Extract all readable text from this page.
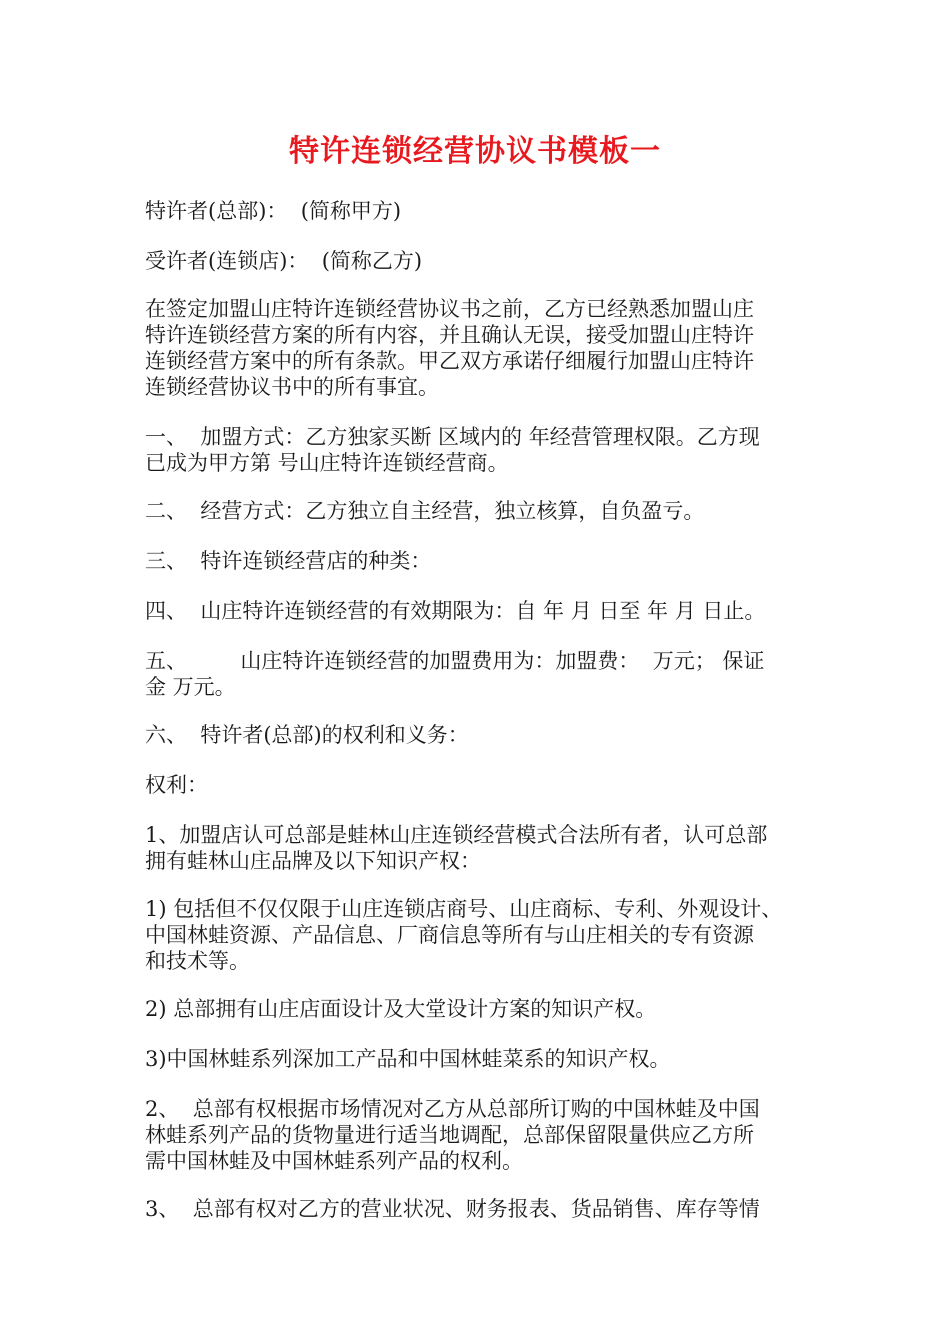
特许连锁经营协议书模板一

特许者(总部)：  (简称甲方)

受许者(连锁店)：  (简称乙方)

在签定加盟山庄特许连锁经营协议书之前，乙方已经熟悉加盟山庄
特许连锁经营方案的所有内容，并且确认无误，接受加盟山庄特许
连锁经营方案中的所有条款。甲乙双方承诺仔细履行加盟山庄特许
连锁经营协议书中的所有事宜。

一、  加盟方式：乙方独家买断 区域内的 年经营管理权限。乙方现
已成为甲方第 号山庄特许连锁经营商。

二、  经营方式：乙方独立自主经营，独立核算，自负盈亏。

三、  特许连锁经营店的种类：

四、  山庄特许连锁经营的有效期限为：自 年 月 日至 年 月 日止。

五、        山庄特许连锁经营的加盟费用为：加盟费：  万元； 保证
金 万元。

六、  特许者(总部)的权利和义务：

权利：

1、加盟店认可总部是蛙林山庄连锁经营模式合法所有者，认可总部
拥有蛙林山庄品牌及以下知识产权：

1) 包括但不仅仅限于山庄连锁店商号、山庄商标、专利、外观设计、
中国林蛙资源、产品信息、厂商信息等所有与山庄相关的专有资源
和技术等。

2) 总部拥有山庄店面设计及大堂设计方案的知识产权。

3)中国林蛙系列深加工产品和中国林蛙菜系的知识产权。

2、  总部有权根据市场情况对乙方从总部所订购的中国林蛙及中国
林蛙系列产品的货物量进行适当地调配，总部保留限量供应乙方所
需中国林蛙及中国林蛙系列产品的权利。

3、  总部有权对乙方的营业状况、财务报表、货品销售、库存等情
